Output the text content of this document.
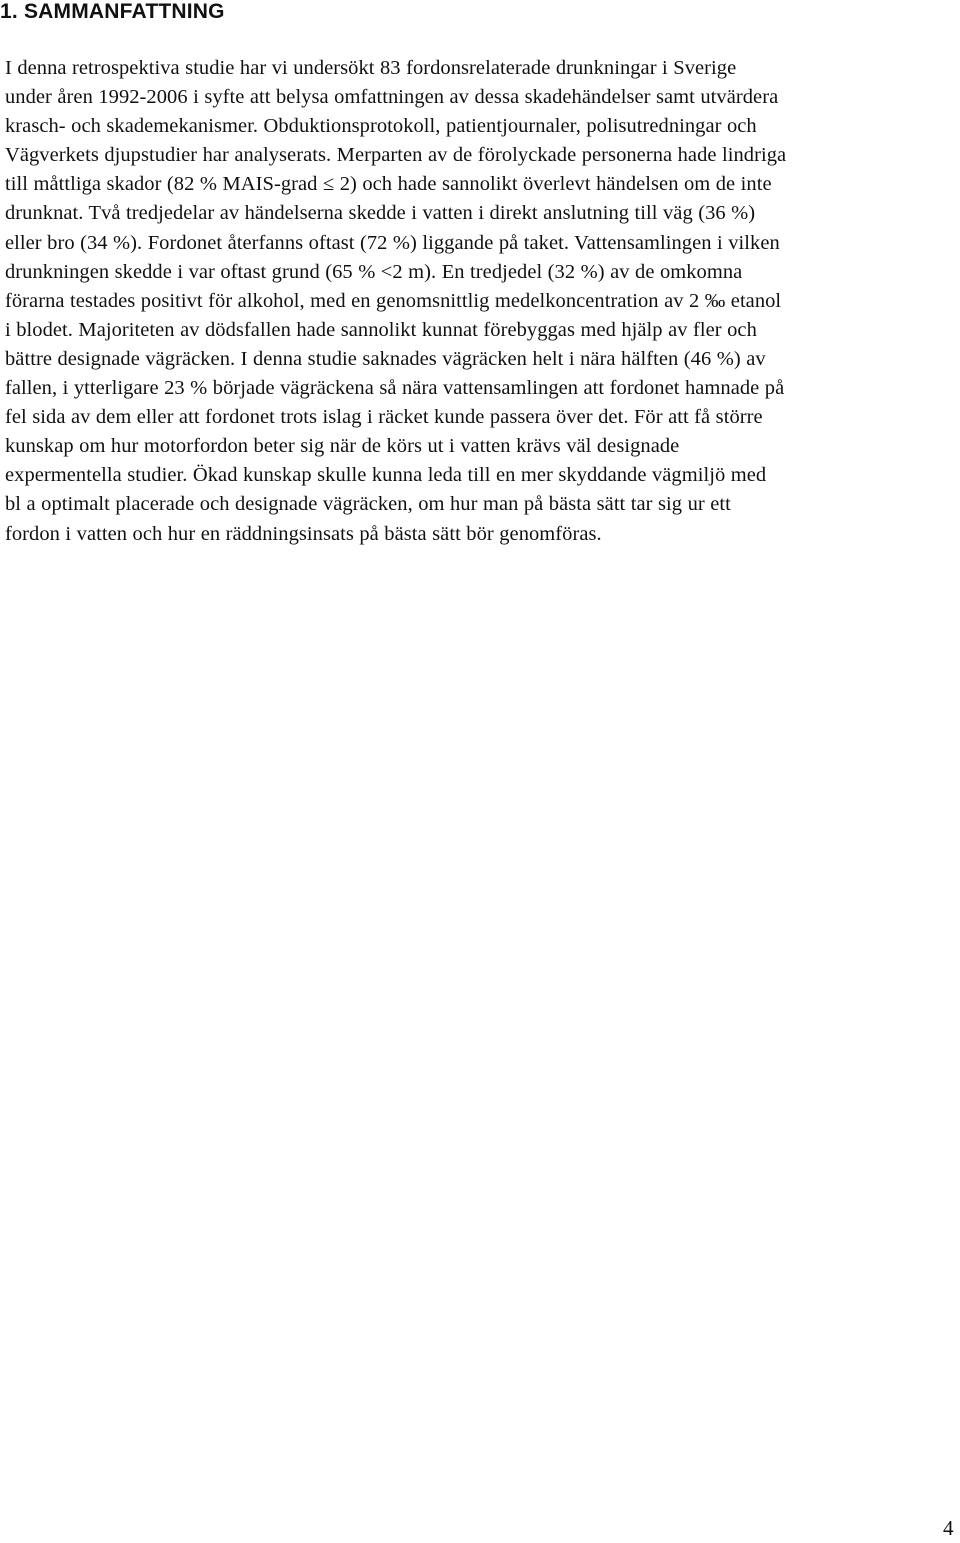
1. SAMMANFATTNING

I denna retrospektiva studie har vi undersökt 83 fordonsrelaterade drunkningar i Sverige
under åren 1992-2006 i syfte att belysa omfattningen av dessa skadehändelser samt utvärdera
krasch- och skademekanismer. Obduktionsprotokoll, patientjournaler, polisutredningar och
Vägverkets djupstudier har analyserats. Merparten av de förolyckade personerna hade lindriga
till måttliga skador (82 % MAIS-grad ≤ 2) och hade sannolikt överlevt händelsen om de inte
drunknat. Två tredjedelar av händelserna skedde i vatten i direkt anslutning till väg (36 %)
eller bro (34 %). Fordonet återfanns oftast (72 %) liggande på taket. Vattensamlingen i vilken
drunkningen skedde i var oftast grund (65 % <2 m). En tredjedel (32 %) av de omkomna
förarna testades positivt för alkohol, med en genomsnittlig medelkoncentration av 2 ‰ etanol
i blodet. Majoriteten av dödsfallen hade sannolikt kunnat förebyggas med hjälp av fler och
bättre designade vägräcken. I denna studie saknades vägräcken helt i nära hälften (46 %) av
fallen, i ytterligare 23 % började vägräckena så nära vattensamlingen att fordonet hamnade på
fel sida av dem eller att fordonet trots islag i räcket kunde passera över det. För att få större
kunskap om hur motorfordon beter sig när de körs ut i vatten krävs väl designade
expermentella studier. Ökad kunskap skulle kunna leda till en mer skyddande vägmiljö med
bl a optimalt placerade och designade vägräcken, om hur man på bästa sätt tar sig ur ett
fordon i vatten och hur en räddningsinsats på bästa sätt bör genomföras.

4
